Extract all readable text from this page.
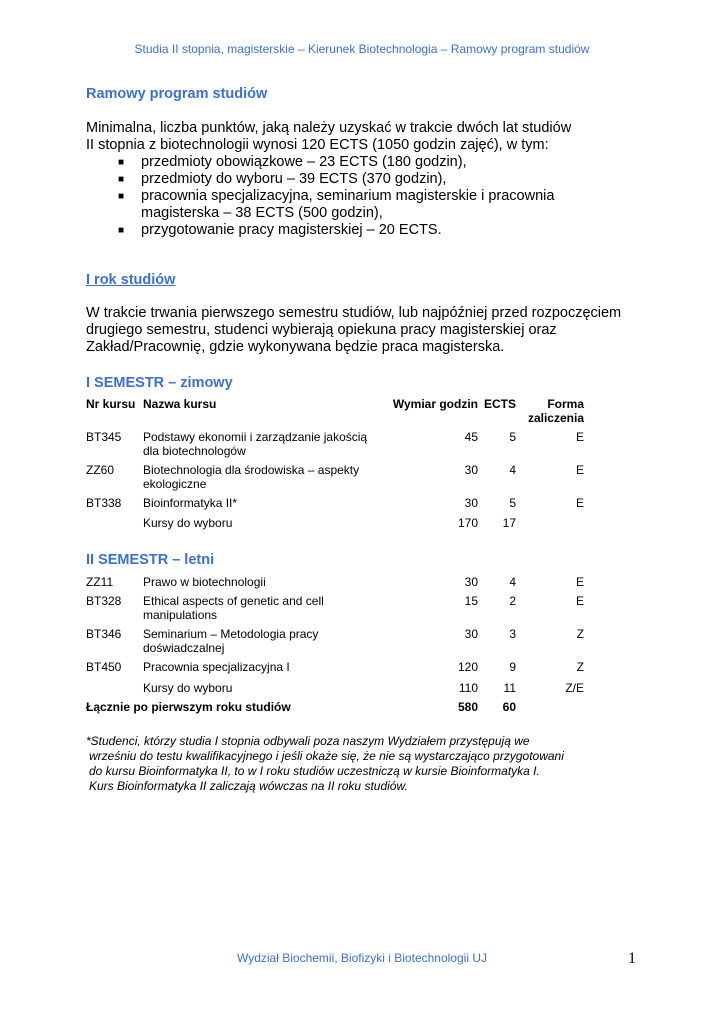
Studia II stopnia, magisterskie – Kierunek Biotechnologia – Ramowy program studiów
Ramowy program studiów
Minimalna, liczba punktów, jaką należy uzyskać w trakcie dwóch lat studiów
II stopnia z biotechnologii wynosi 120 ECTS (1050 godzin zajęć), w tym:
■ przedmioty obowiązkowe – 23 ECTS (180 godzin),
■ przedmioty do wyboru – 39 ECTS (370 godzin),
■ pracownia specjalizacyjna, seminarium magisterskie i pracownia
magisterska – 38 ECTS (500 godzin),
■ przygotowanie pracy magisterskiej – 20 ECTS.
I rok studiów
W trakcie trwania pierwszego semestru studiów, lub najpóźniej przed rozpoczęciem
drugiego semestru, studenci wybierają opiekuna pracy magisterskiej oraz
Zakład/Pracownię, gdzie wykonywana będzie praca magisterska.
I SEMESTR – zimowy
Nr kursu Nazwa kursu	Wymiar godzin ECTS	Forma
zaliczenia
BT345 Podstawy ekonomii i zarządzanie jakością
dla biotechnologów
45	5	E
ZZ60 Biotechnologia dla środowiska – aspekty
ekologiczne
30	4	E
BT338 Bioinformatyka II*	30	5	E
Kursy do wyboru	170 17
II SEMESTR – letni
ZZ11 Prawo w biotechnologii	30	4	E
BT328 Ethical aspects of genetic and cell
manipulations
15	2	E
BT346 Seminarium – Metodologia pracy
doświadczalnej
30	3	Z
BT450 Pracownia specjalizacyjna I	120	9	Z
Kursy do wyboru	110 11	Z/E
Łącznie po pierwszym roku studiów	580 60
*Studenci, którzy studia I stopnia odbywali poza naszym Wydziałem przystępują we
wrześniu do testu kwalifikacyjnego i jeśli okaże się, że nie są wystarczająco przygotowani
do kursu Bioinformatyka II, to w I roku studiów uczestniczą w kursie Bioinformatyka I.
Kurs Bioinformatyka II zaliczają wówczas na II roku studiów.
Wydział Biochemii, Biofizyki i Biotechnologii UJ	1
